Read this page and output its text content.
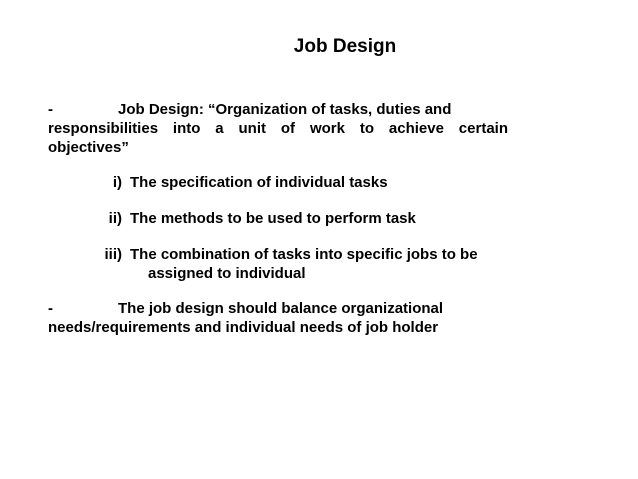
Job Design
-	Job Design: “Organization of tasks, duties and
responsibilities into a unit of work to achieve certain
objectives”
i) The specification of individual tasks
ii) The methods to be used to perform task
iii) The combination of tasks into specific jobs to be
assigned to individual
-	The job design should balance organizational
needs/requirements and individual needs of job holder
